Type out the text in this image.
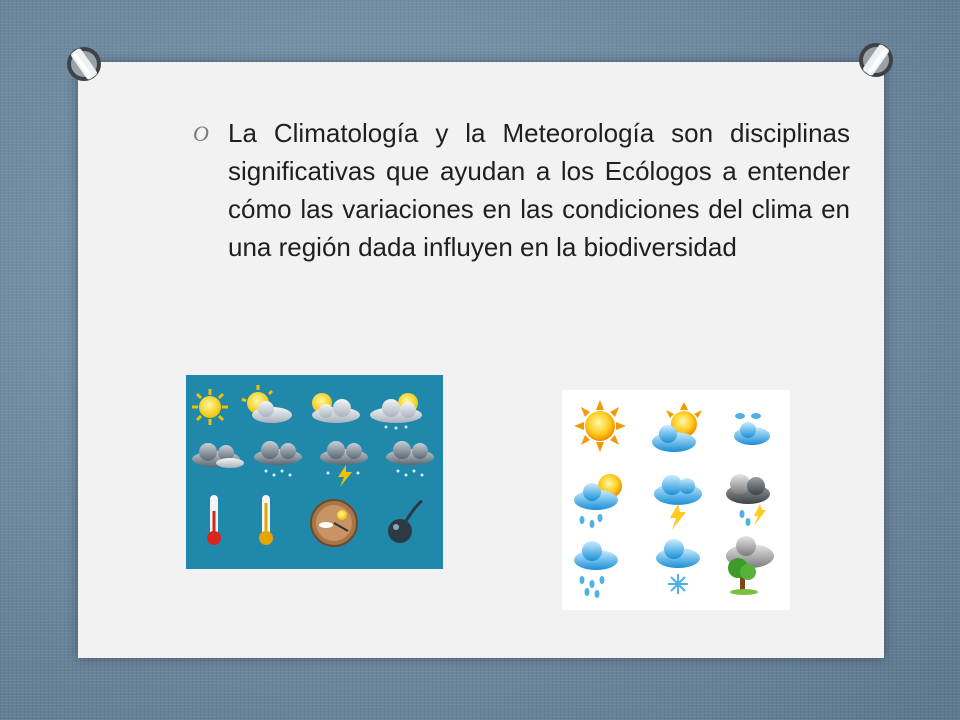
O La Climatología y la Meteorología son disciplinas significativas que ayudan a los Ecólogos a entender cómo las variaciones en las condiciones del clima en una región dada influyen en la biodiversidad
